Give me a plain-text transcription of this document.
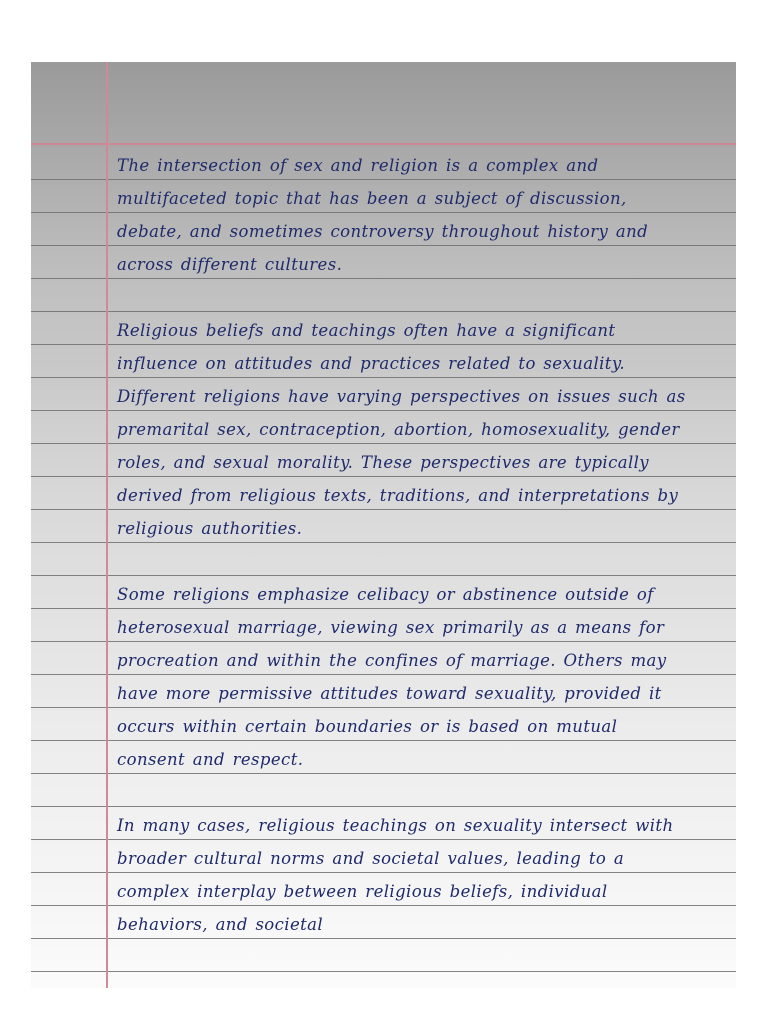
The intersection of sex and religion is a complex and
multifaceted topic that has been a subject of discussion,
debate, and sometimes controversy throughout history and
across different cultures.

Religious beliefs and teachings often have a significant
influence on attitudes and practices related to sexuality.
Different religions have varying perspectives on issues such as
premarital sex, contraception, abortion, homosexuality, gender
roles, and sexual morality. These perspectives are typically
derived from religious texts, traditions, and interpretations by
religious authorities.

Some religions emphasize celibacy or abstinence outside of
heterosexual marriage, viewing sex primarily as a means for
procreation and within the confines of marriage. Others may
have more permissive attitudes toward sexuality, provided it
occurs within certain boundaries or is based on mutual
consent and respect.

In many cases, religious teachings on sexuality intersect with
broader cultural norms and societal values, leading to a
complex interplay between religious beliefs, individual
behaviors, and societal
